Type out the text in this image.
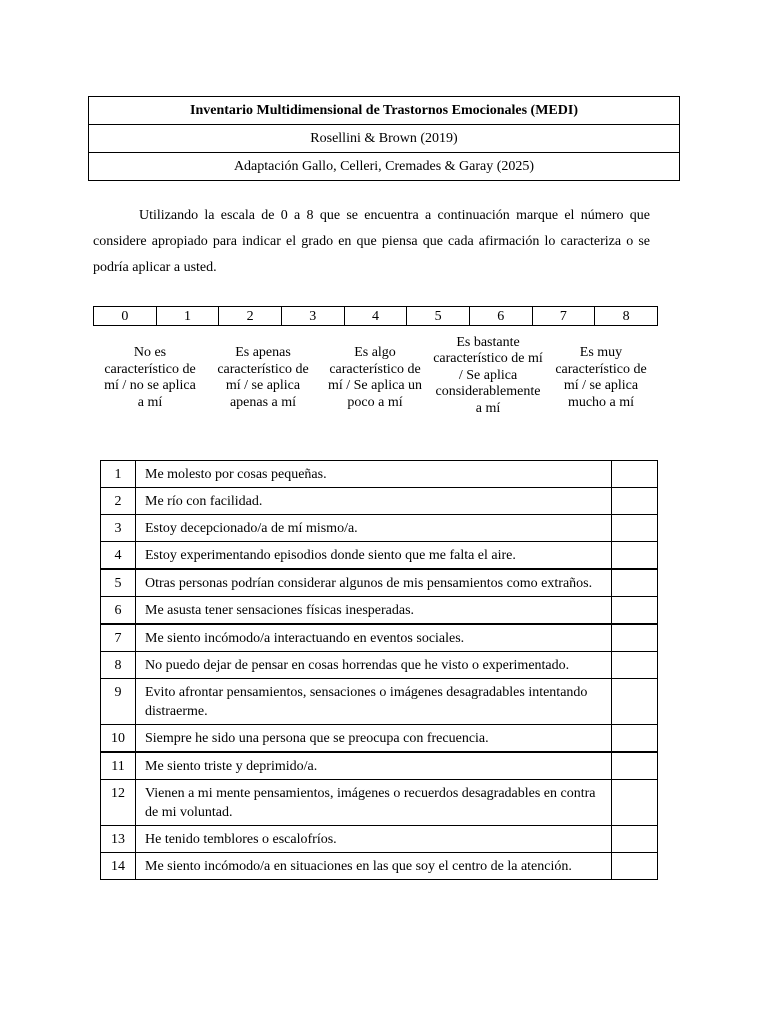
Inventario Multidimensional de Trastornos Emocionales (MEDI)
Rosellini & Brown (2019)
Adaptación Gallo, Celleri, Cremades & Garay (2025)

Utilizando la escala de 0 a 8 que se encuentra a continuación marque el número que considere apropiado para indicar el grado en que piensa que cada afirmación lo caracteriza o se podría aplicar a usted.

0	1	2	3	4	5	6	7	8
No es característico de mí / no se aplica a mí
Es apenas característico de mí / se aplica apenas a mí
Es algo característico de mí / Se aplica un poco a mí
Es bastante característico de mí / Se aplica considerablemente a mí
Es muy característico de mí / se aplica mucho a mí
1	Me molesto por cosas pequeñas.	
2	Me río con facilidad.	
3	Estoy decepcionado/a de mí mismo/a.	
4	Estoy experimentando episodios donde siento que me falta el aire.	
5	Otras personas podrían considerar algunos de mis pensamientos como extraños.	
6	Me asusta tener sensaciones físicas inesperadas.	
7	Me siento incómodo/a interactuando en eventos sociales.	
8	No puedo dejar de pensar en cosas horrendas que he visto o experimentado.	
9	Evito afrontar pensamientos, sensaciones o imágenes desagradables intentando distraerme.	
10	Siempre he sido una persona que se preocupa con frecuencia.	
11	Me siento triste y deprimido/a.	
12	Vienen a mi mente pensamientos, imágenes o recuerdos desagradables en contra de mi voluntad.	
13	He tenido temblores o escalofríos.	
14	Me siento incómodo/a en situaciones en las que soy el centro de la atención.	
